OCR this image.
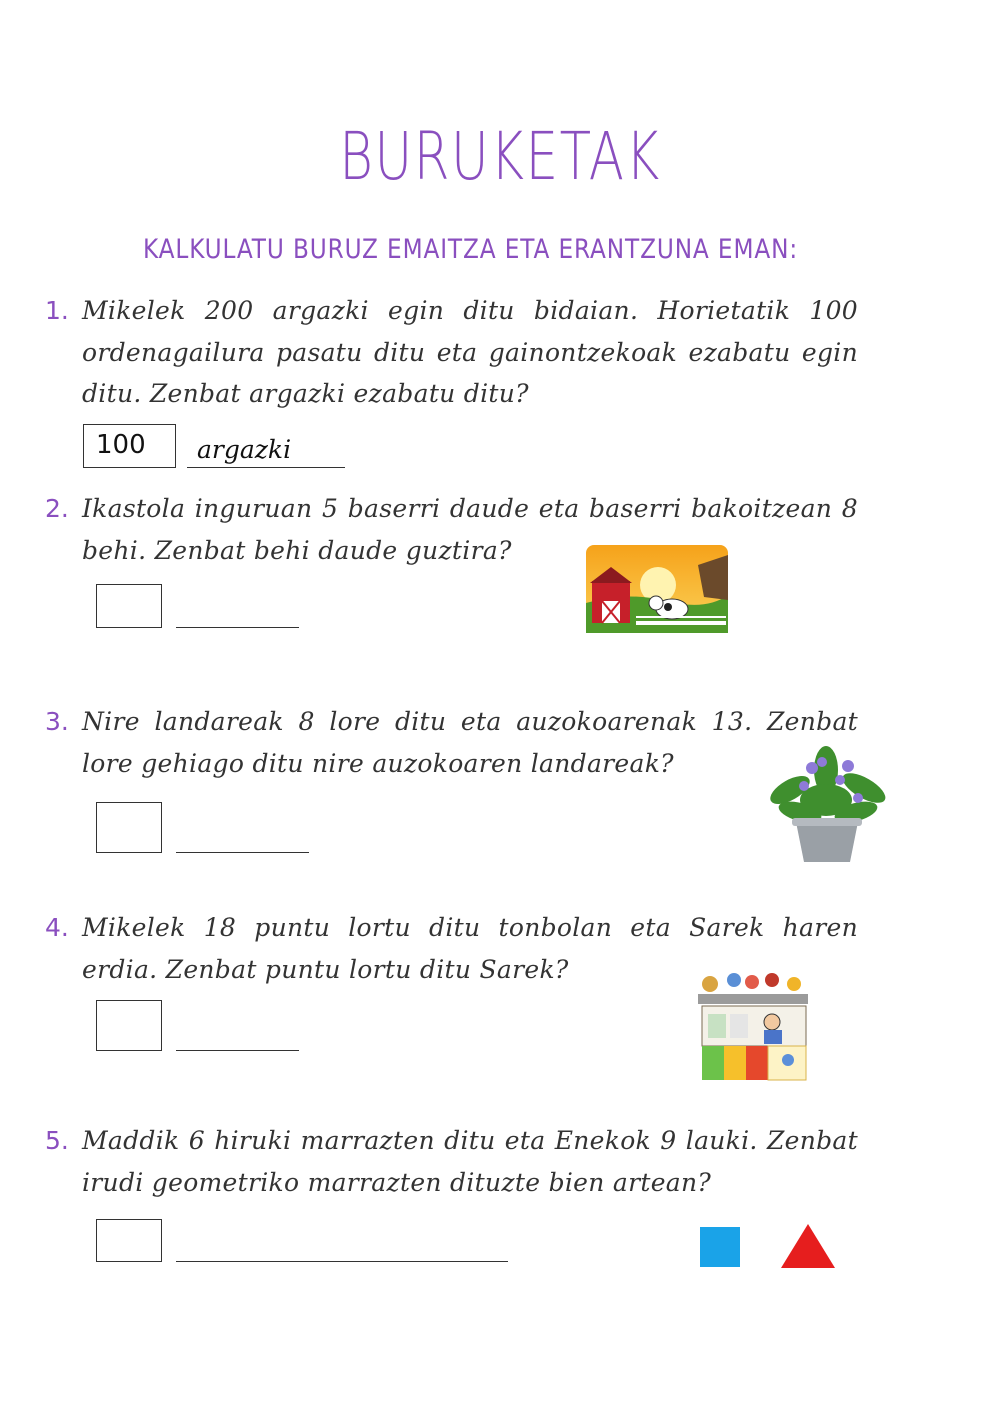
BURUKETAK
KALKULATU BURUZ EMAITZA ETA ERANTZUNA EMAN:
1. Mikelek 200 argazki egin ditu bidaian. Horietatik 100 ordenagailura pasatu ditu eta gainontzekoak ezabatu egin ditu. Zenbat argazki ezabatu ditu?
100	argazki
2. Ikastola inguruan 5 baserri daude eta baserri bakoitzean 8 behi. Zenbat behi daude guztira?
3. Nire landareak 8 lore ditu eta auzokoarenak 13. Zenbat lore gehiago ditu nire auzokoaren landareak?
4. Mikelek 18 puntu lortu ditu tonbolan eta Sarek haren erdia. Zenbat puntu lortu ditu Sarek?
5. Maddik 6 hiruki marrazten ditu eta Enekok 9 lauki. Zenbat irudi geometriko marrazten dituzte bien artean?
